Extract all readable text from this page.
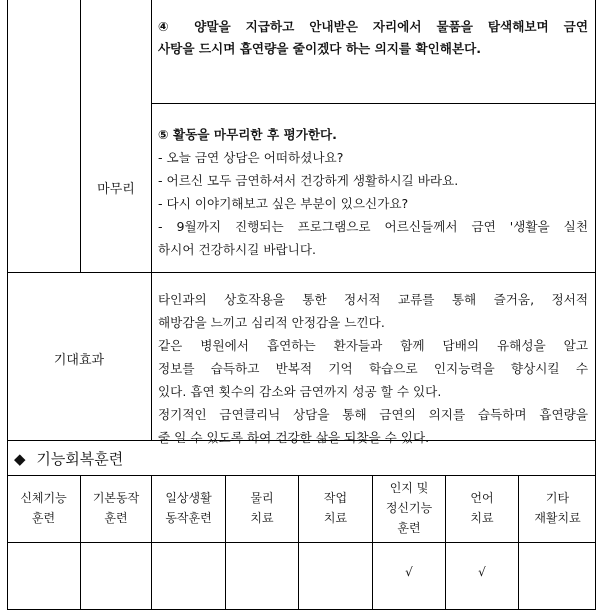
④ 양말을 지급하고 안내받은 자리에서 물품을 탐색해보며 금연
사탕을 드시며 흡연량을 줄이겠다 하는 의지를 확인해본다.
마무리
⑤ 활동을 마무리한 후 평가한다.
- 오늘 금연 상담은 어떠하셨나요?
- 어르신 모두 금연하셔서 건강하게 생활하시길 바라요.
- 다시 이야기해보고 싶은 부분이 있으신가요?
- 9월까지 진행되는 프로그램으로 어르신들께서 금연 '생활을 실천
하시어 건강하시길 바랍니다.
기대효과
타인과의 상호작용을 통한 정서적 교류를 통해 즐거움, 정서적
해방감을 느끼고 심리적 안정감을 느낀다.
같은 병원에서 흡연하는 환자들과 함께 담배의 유해성을 알고
정보를 습득하고 반복적 기억 학습으로 인지능력을 향상시킬 수
있다. 흡연 횟수의 감소와 금연까지 성공 할 수 있다.
정기적인 금연클리닉 상담을 통해 금연의 의지를 습득하며 흡연량을
줄 일 수 있도록 하여 건강한 삶을 되찾을 수 있다.
◆ 기능회복훈련
신체기능
훈련
기본동작
훈련
일상생활
동작훈련
물리
치료
작업
치료
인지 및
정신기능
훈련
언어
치료
기타
재활치료
√	√
